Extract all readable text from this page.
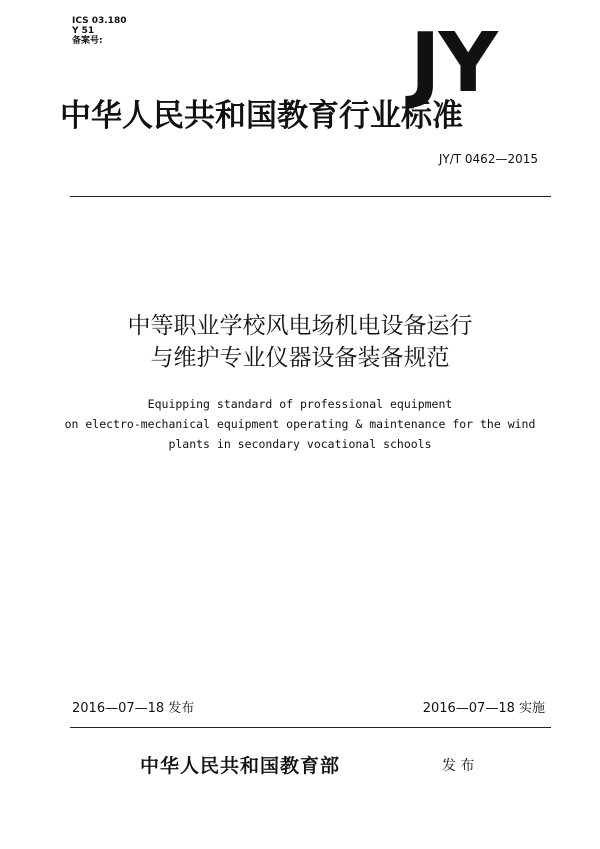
ICS 03.180
Y 51
备案号:	JY
中华人民共和国教育行业标准
JY/T 0462—2015
中等职业学校风电场机电设备运行
与维护专业仪器设备装备规范
Equipping standard of professional equipment
on electro-mechanical equipment operating & maintenance for the wind
plants in secondary vocational schools
2016—07—18 发布	2016—07—18 实施
中华人民共和国教育部	发 布
